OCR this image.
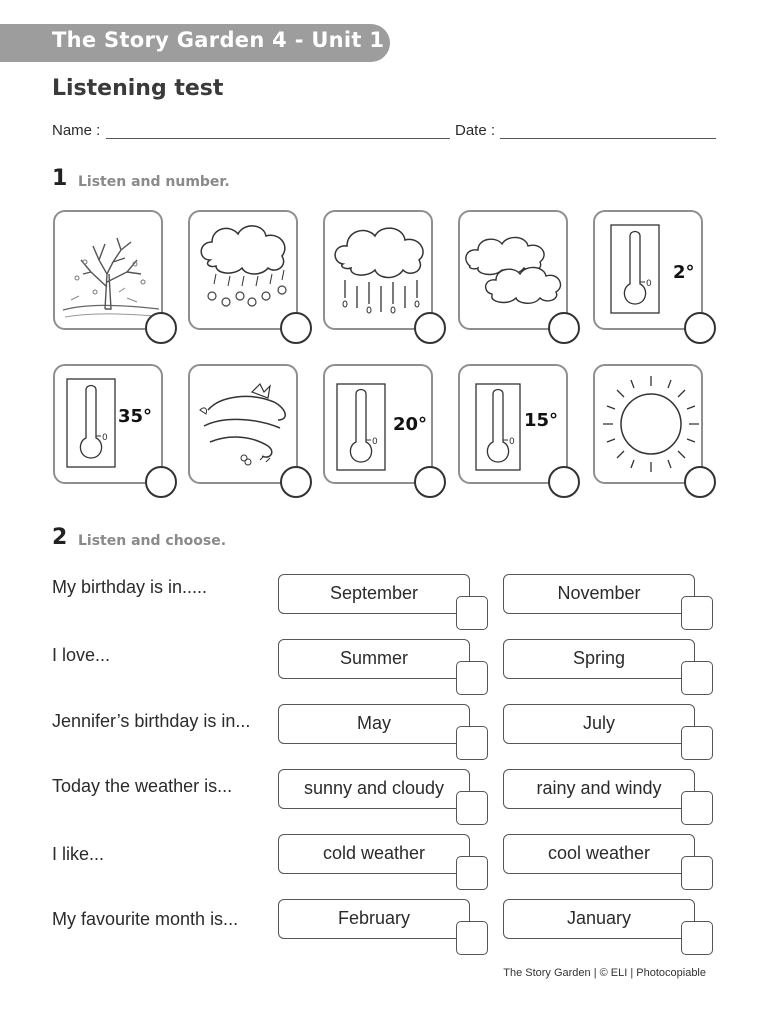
The Story Garden 4 - Unit 1
Listening test
Name :	Date :
1 Listen and number.
0
2°
0
35°
0
20°
0
15°
2 Listen and choose.
My birthday is in.....	September	November
I love...	Summer	Spring
Jennifer’s birthday is in...	May	July
Today the weather is...	sunny and cloudy	rainy and windy
I like...	cold weather	cool weather
My favourite month is...	February	January
The Story Garden | © ELI | Photocopiable
